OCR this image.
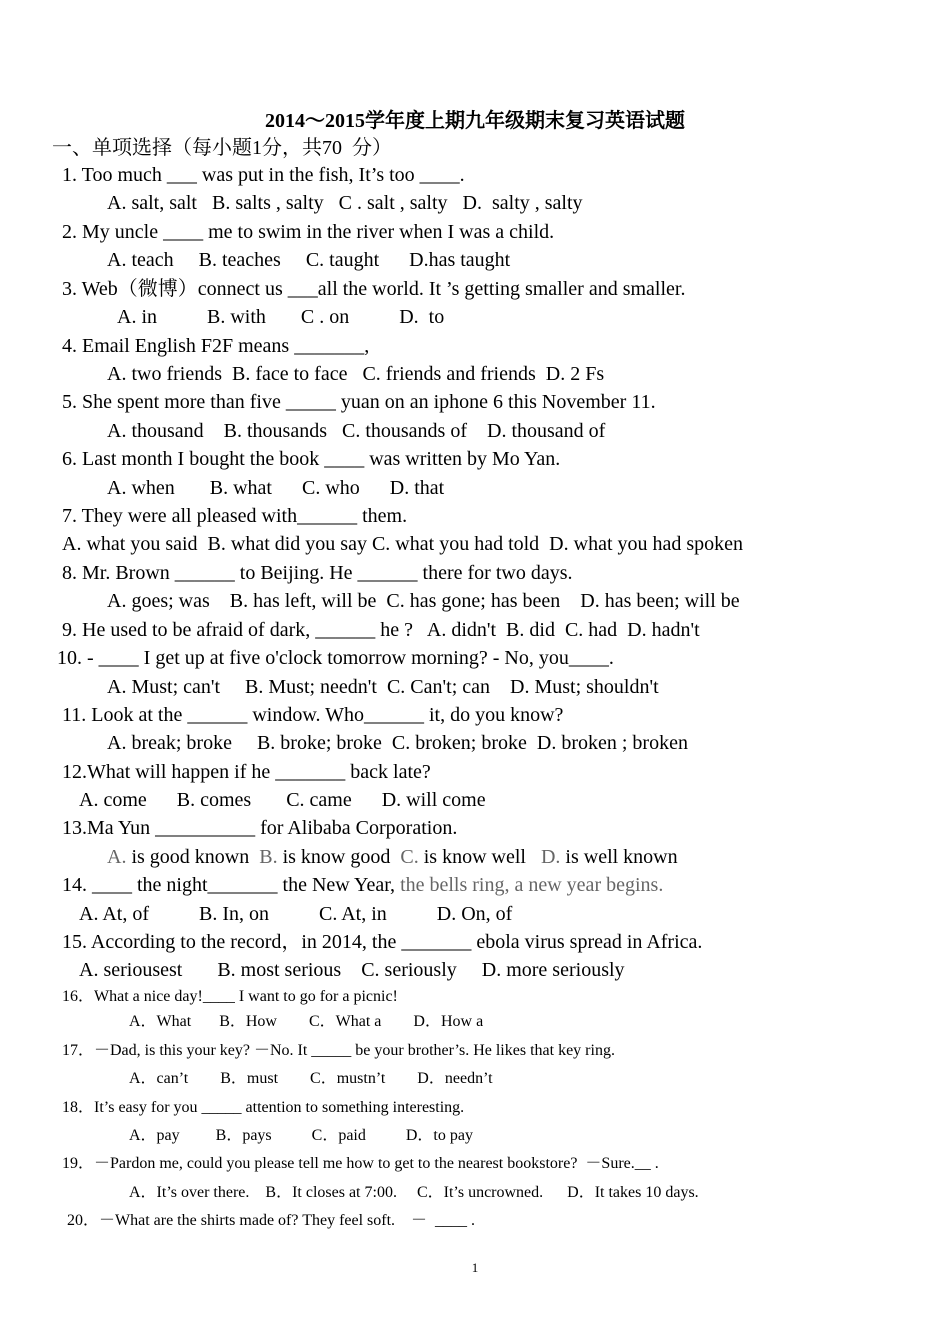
2014～2015学年度上期九年级期末复习英语试题
一、单项选择（每小题1分，共70  分）
1. Too much ___ was put in the fish, It’s too ____.
A. salt, salt   B. salts , salty   C . salt , salty   D.  salty , salty
2. My uncle ____ me to swim in the river when I was a child.
A. teach     B. teaches     C. taught      D.has taught
3. Web（微博）connect us ___all the world. It ’s getting smaller and smaller.
A. in          B. with       C . on          D.  to
4. Email English F2F means _______,
A. two friends  B. face to face   C. friends and friends  D. 2 Fs
5. She spent more than five _____ yuan on an iphone 6 this November 11.
A. thousand    B. thousands   C. thousands of    D. thousand of
6. Last month I bought the book ____ was written by Mo Yan.
A. when       B. what      C. who      D. that
7. They were all pleased with______ them.
A. what you said  B. what did you say C. what you had told  D. what you had spoken
8. Mr. Brown ______ to Beijing. He ______ there for two days.
A. goes; was    B. has left, will be  C. has gone; has been    D. has been; will be
9. He used to be afraid of dark, ______ he ?   A. didn't  B. did  C. had  D. hadn't
10. - ____ I get up at five o'clock tomorrow morning? - No, you____.
A. Must; can't     B. Must; needn't  C. Can't; can    D. Must; shouldn't
11. Look at the ______ window. Who______ it, do you know?
A. break; broke     B. broke; broke  C. broken; broke  D. broken ; broken
12.What will happen if he _______ back late?
A. come      B. comes       C. came      D. will come
13.Ma Yun __________ for Alibaba Corporation.
A. is good known  B. is know good  C. is know well   D. is well known
14. ____ the night_______ the New Year, the bells ring, a new year begins.
A. At, of          B. In, on          C. At, in          D. On, of
15. According to the record，in 2014, the _______ ebola virus spread in Africa.
A. seriousest       B. most serious    C. seriously     D. more seriously
16．What a nice day!____ I want to go for a picnic!
A．What       B．How        C．What a        D．How a
17．－Dad, is this your key? －No. It _____ be your brother’s. He likes that key ring.
A．can’t        B．must        C．mustn’t        D．needn’t
18．It’s easy for you _____ attention to something interesting.
A．pay         B．pays          C．paid          D．to pay
19．－Pardon me, could you please tell me how to get to the nearest bookstore?  －Sure.__ .
A．It’s over there.    B．It closes at 7:00.     C．It’s uncrowned.      D．It takes 10 days.
20．－What are the shirts made of? They feel soft.    －  ____ .
1
